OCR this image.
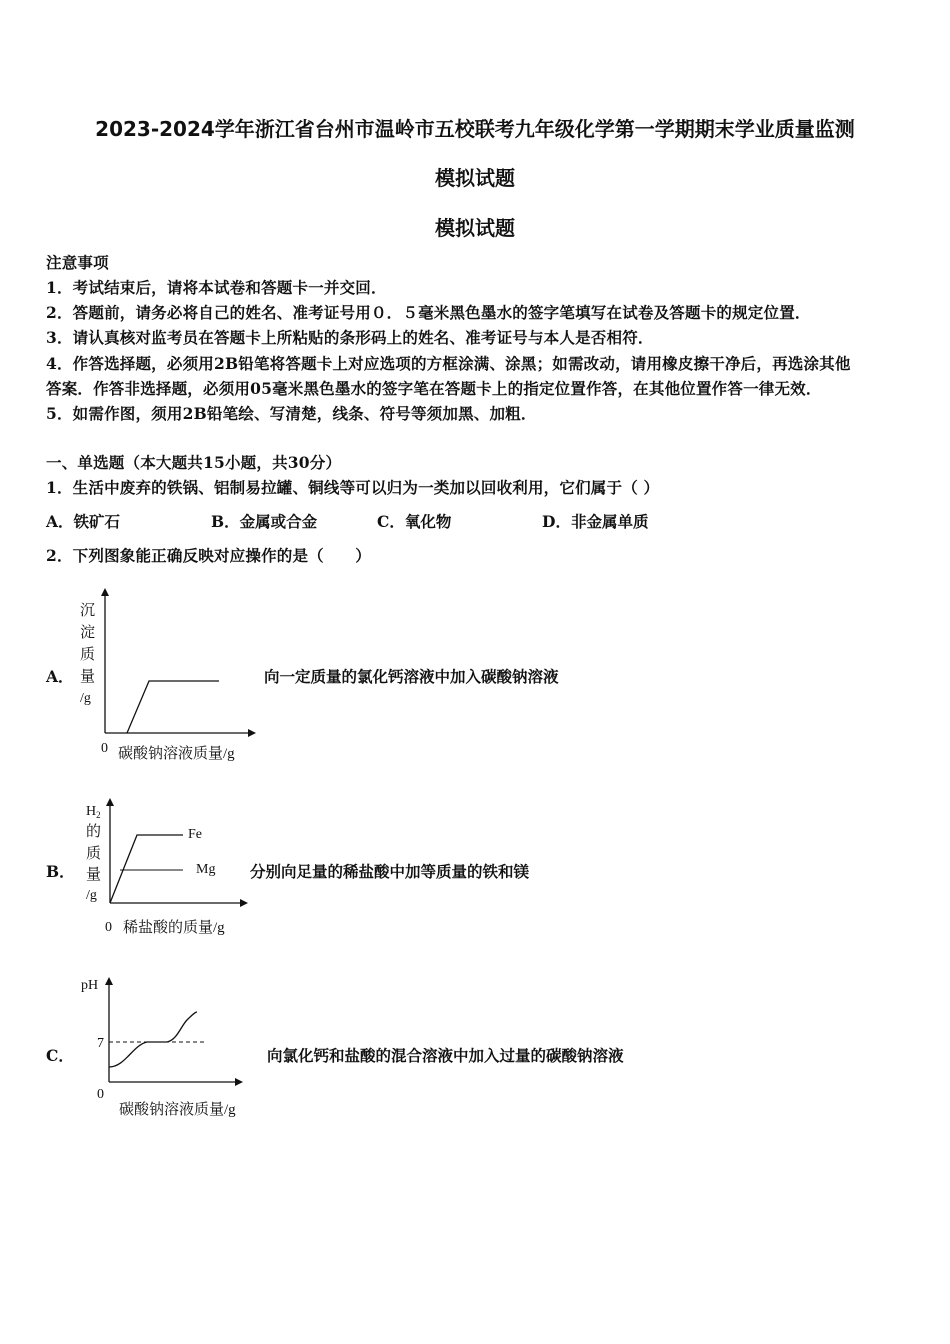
2023-2024学年浙江省台州市温岭市五校联考九年级化学第一学期期末学业质量监测
模拟试题
模拟试题
注意事项
1．考试结束后，请将本试卷和答题卡一并交回．
2．答题前，请务必将自己的姓名、准考证号用０．５毫米黑色墨水的签字笔填写在试卷及答题卡的规定位置．
3．请认真核对监考员在答题卡上所粘贴的条形码上的姓名、准考证号与本人是否相符．
4．作答选择题，必须用2B铅笔将答题卡上对应选项的方框涂满、涂黑；如需改动，请用橡皮擦干净后，再选涂其他
答案．作答非选择题，必须用05毫米黑色墨水的签字笔在答题卡上的指定位置作答，在其他位置作答一律无效．
5．如需作图，须用2B铅笔绘、写清楚，线条、符号等须加黑、加粗．
一、单选题（本大题共15小题，共30分）
1．生活中废弃的铁锅、铝制易拉罐、铜线等可以归为一类加以回收利用，它们属于（ ）
A．铁矿石	B．金属或合金	C．氧化物	D．非金属单质
2．下列图象能正确反映对应操作的是（　　）
A．
沉
淀
质
量
/g
0 碳酸钠溶液质量/g
向一定质量的氯化钙溶液中加入碳酸钠溶液
B．
$H_2$
的
质
量
/g
Fe
Mg
0 稀盐酸的质量/g
分别向足量的稀盐酸中加等质量的铁和镁
C．
pH
7
0
碳酸钠溶液质量/g
向氯化钙和盐酸的混合溶液中加入过量的碳酸钠溶液
